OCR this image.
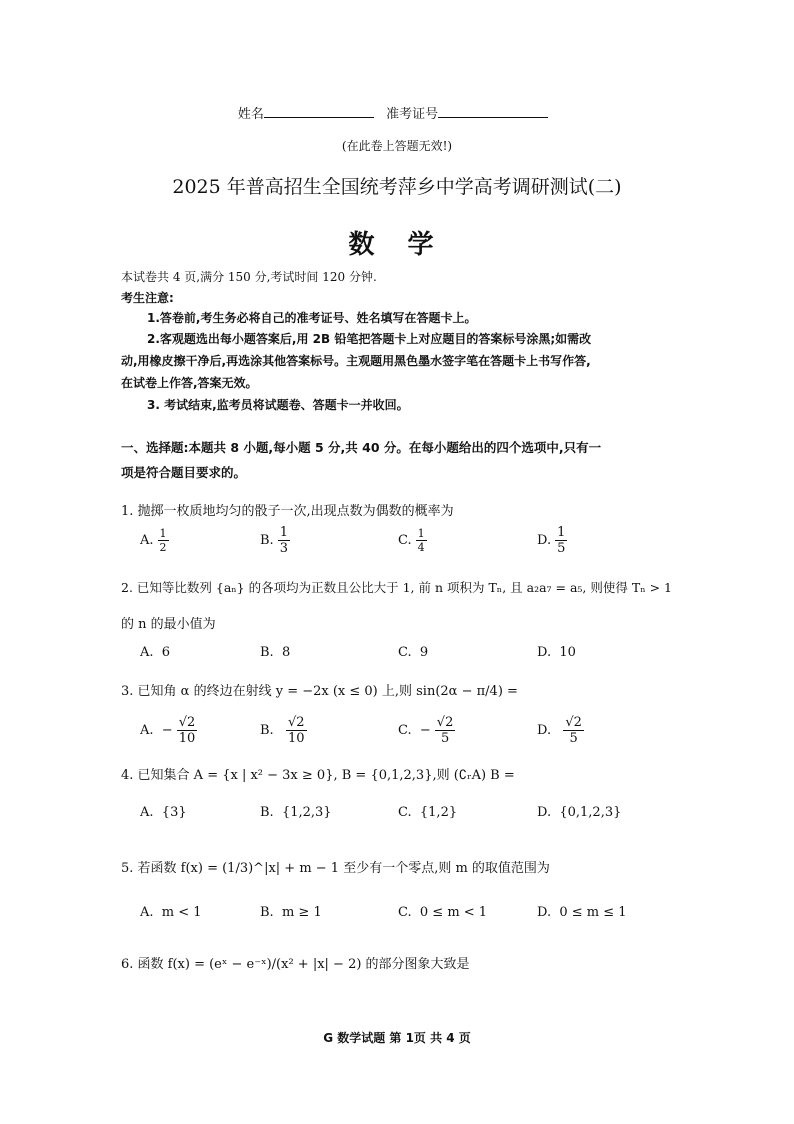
姓名	准考证号
(在此卷上答题无效!)
2025 年普高招生全国统考萍乡中学高考调研测试(二)
数 学
本试卷共 4 页,满分 150 分,考试时间 120 分钟.
考生注意:
1.答卷前,考生务必将自己的准考证号、姓名填写在答题卡上。
2.客观题选出每小题答案后,用 2B 铅笔把答题卡上对应题目的答案标号涂黑;如需改
动,用橡皮擦干净后,再选涂其他答案标号。主观题用黑色墨水签字笔在答题卡上书写作答,
在试卷上作答,答案无效。
3. 考试结束,监考员将试题卷、答题卡一并收回。
一、选择题:本题共 8 小题,每小题 5 分,共 40 分。在每小题给出的四个选项中,只有一
项是符合题目要求的。
1. 抛掷一枚质地均匀的骰子一次,出现点数为偶数的概率为
A. $\frac{1}{2}$	B. $\frac{1}{3}$	C. $\frac{1}{4}$	D. $\frac{1}{5}$
2. 已知等比数列 {aₙ} 的各项均为正数且公比大于 1, 前 n 项积为 Tₙ, 且 a₂a₇ = a₅, 则使得 Tₙ > 1
的 n 的最小值为
A. 6	B. 8	C. 9	D. 10
3. 已知角 α 的终边在射线 y = −2x (x ≤ 0) 上,则 sin(2α − π/4) =
A. − $\frac{√2}{10}$	B. $\frac{√2}{10}$	C. − $\frac{√2}{5}$	D. $\frac{√2}{5}$
4. 已知集合 A = {x | x² − 3x ≥ 0}, B = {0,1,2,3},则 (∁ᵣA) B =
A. {3}	B. {1,2,3}	C. {1,2}	D. {0,1,2,3}
5. 若函数 f(x) = (1/3)^|x| + m − 1 至少有一个零点,则 m 的取值范围为
A. m < 1	B. m ≥ 1	C. 0 ≤ m < 1	D. 0 ≤ m ≤ 1
6. 函数 f(x) = (eˣ − e⁻ˣ)/(x² + |x| − 2) 的部分图象大致是
G 数学试题 第 1页 共 4 页
